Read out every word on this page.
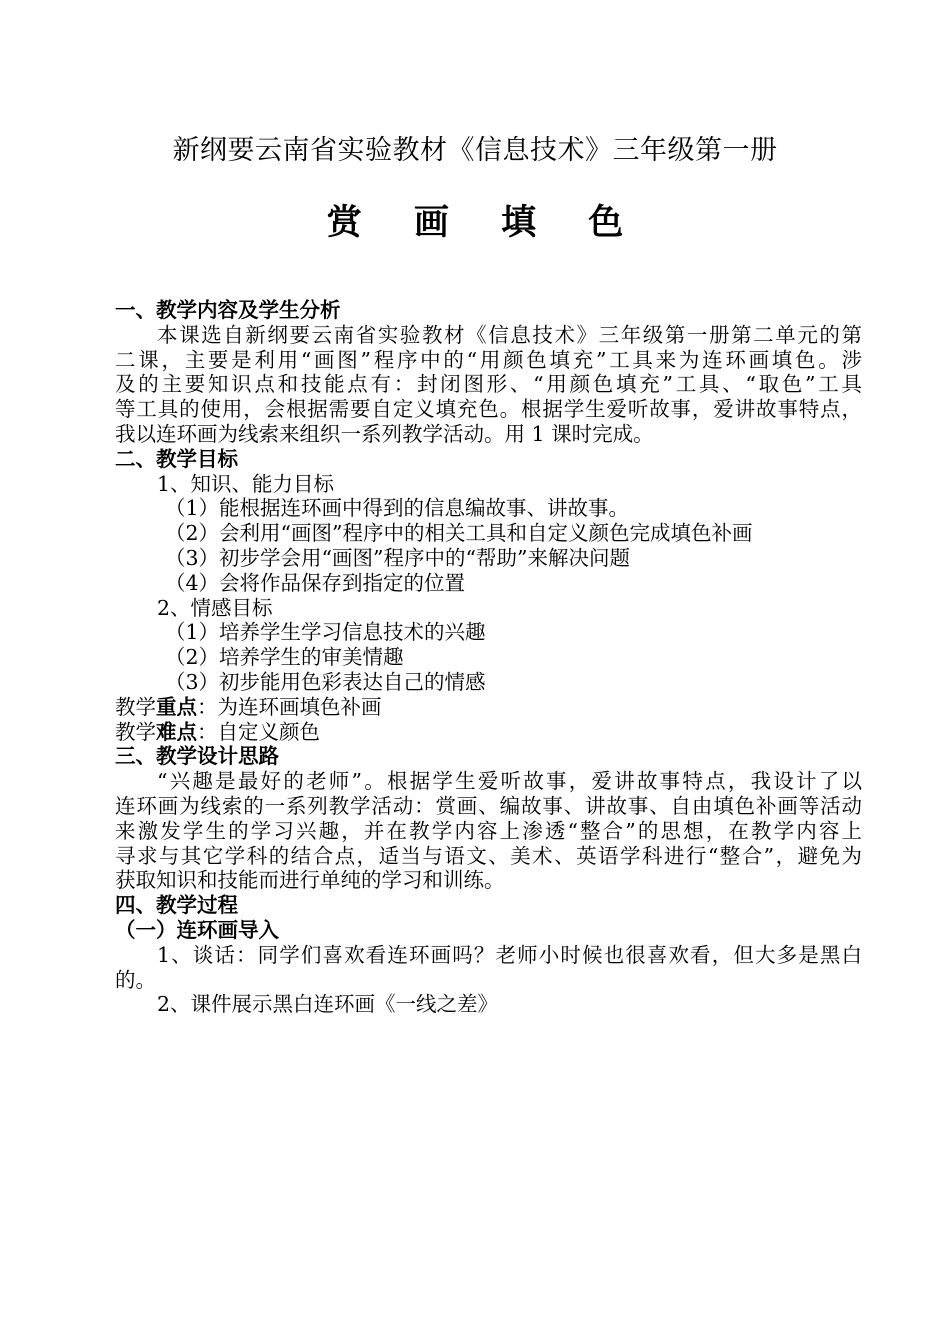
新纲要云南省实验教材《信息技术》三年级第一册
赏 画 填 色
一、教学内容及学生分析
本课选自新纲要云南省实验教材《信息技术》三年级第一册第二单元的第
二课，主要是利用“画图”程序中的“用颜色填充”工具来为连环画填色。涉
及的主要知识点和技能点有：封闭图形、“用颜色填充”工具、“取色”工具
等工具的使用，会根据需要自定义填充色。根据学生爱听故事，爱讲故事特点，
我以连环画为线索来组织一系列教学活动。用 1 课时完成。
二、教学目标
1、知识、能力目标
（1）能根据连环画中得到的信息编故事、讲故事。
（2）会利用“画图”程序中的相关工具和自定义颜色完成填色补画
（3）初步学会用“画图”程序中的“帮助”来解决问题
（4）会将作品保存到指定的位置
2、情感目标
（1）培养学生学习信息技术的兴趣
（2）培养学生的审美情趣
（3）初步能用色彩表达自己的情感
教学重点：为连环画填色补画
教学难点：自定义颜色
三、教学设计思路
“兴趣是最好的老师”。根据学生爱听故事，爱讲故事特点，我设计了以
连环画为线索的一系列教学活动：赏画、编故事、讲故事、自由填色补画等活动
来激发学生的学习兴趣，并在教学内容上渗透“整合”的思想，在教学内容上
寻求与其它学科的结合点，适当与语文、美术、英语学科进行“整合”，避免为
获取知识和技能而进行单纯的学习和训练。
四、教学过程
（一）连环画导入
1、谈话：同学们喜欢看连环画吗？老师小时候也很喜欢看，但大多是黑白
的。
2、课件展示黑白连环画《一线之差》
